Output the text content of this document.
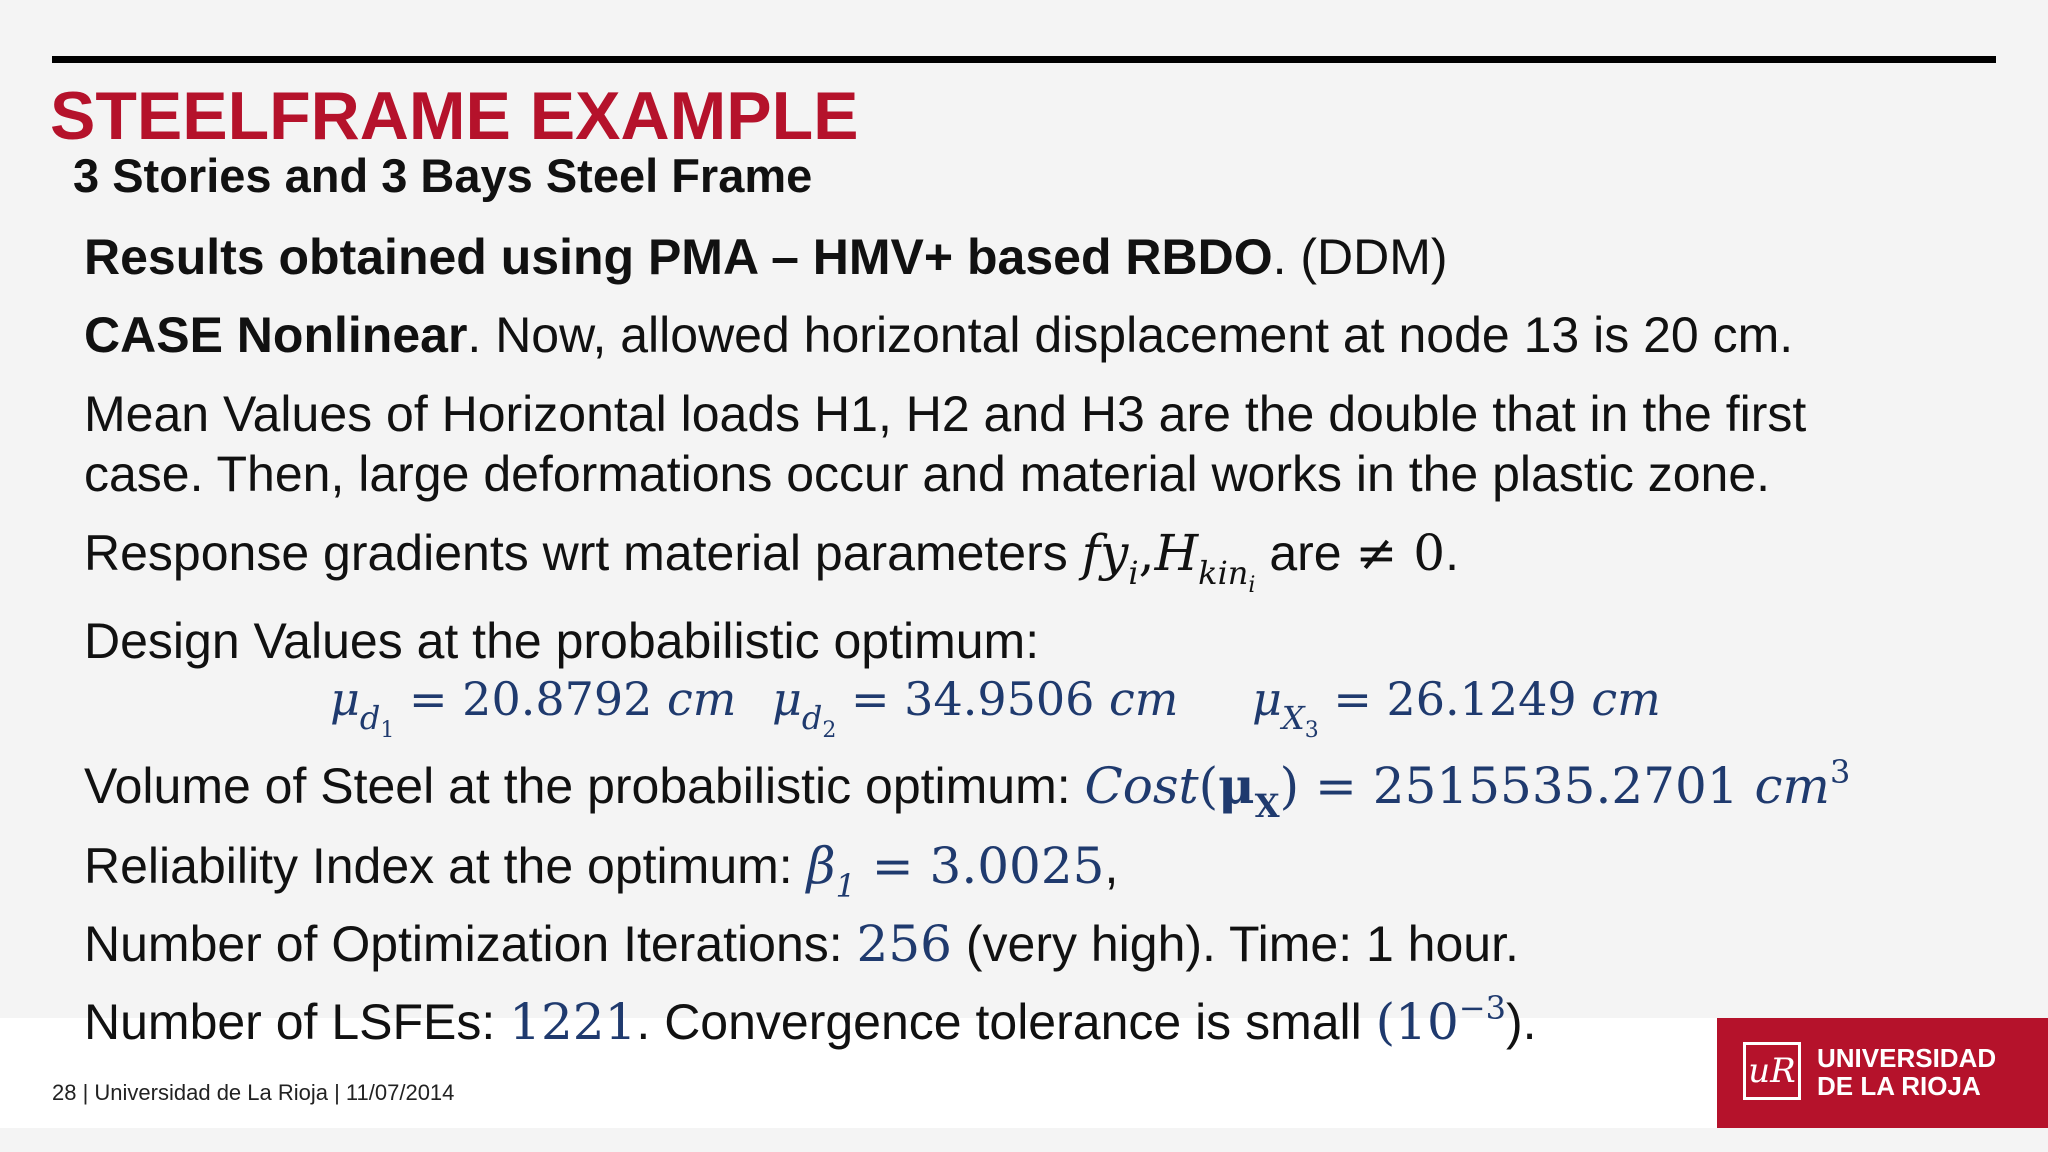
STEELFRAME EXAMPLE
3 Stories and 3 Bays Steel Frame
Results obtained using PMA – HMV+ based RBDO. (DDM)
CASE Nonlinear. Now, allowed horizontal displacement at node 13 is 20 cm.
Mean Values of Horizontal loads H1, H2 and H3 are the double that in the first
case. Then, large deformations occur and material works in the plastic zone.
Response gradients wrt material parameters $fy_i,H_{kin_i}$ are ≠ 0.
Design Values at the probabilistic optimum:
$\mu_{d_1} = 20.8792$ cm $\mu_{d_2} = 34.9506$ cm $\mu_{X_3} = 26.1249$ cm
Volume of Steel at the probabilistic optimum: $Cost(\mu_X) = 2515535.2701$ $cm^3$
Reliability Index at the optimum: $\beta_1 = 3.0025$,
Number of Optimization Iterations: 256 (very high). Time: 1 hour.
Number of LSFEs: 1221. Convergence tolerance is small $(10^{-3})$.
28 | Universidad de La Rioja | 11/07/2014
uR UNIVERSIDAD
DE LA RIOJA
